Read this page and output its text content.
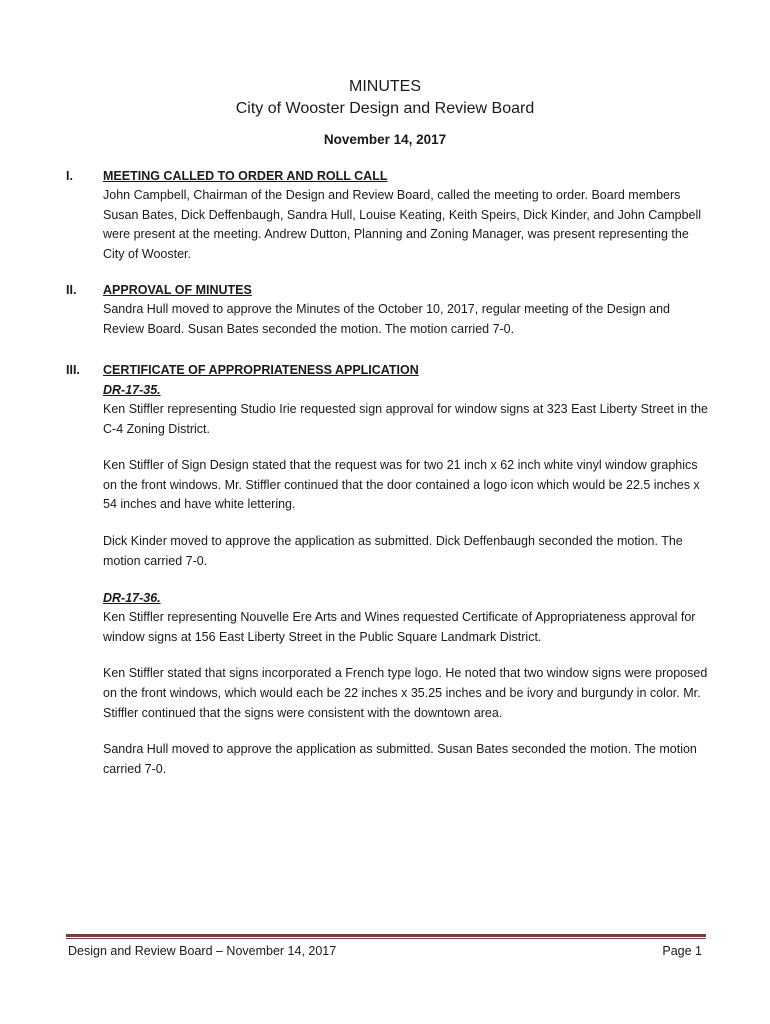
MINUTES
City of Wooster Design and Review Board
November 14, 2017
I. MEETING CALLED TO ORDER AND ROLL CALL

John Campbell, Chairman of the Design and Review Board, called the meeting to order. Board members Susan Bates, Dick Deffenbaugh, Sandra Hull, Louise Keating, Keith Speirs, Dick Kinder, and John Campbell were present at the meeting. Andrew Dutton, Planning and Zoning Manager, was present representing the City of Wooster.

II. APPROVAL OF MINUTES

Sandra Hull moved to approve the Minutes of the October 10, 2017, regular meeting of the Design and Review Board. Susan Bates seconded the motion. The motion carried 7-0.

III. CERTIFICATE OF APPROPRIATENESS APPLICATION

DR-17-35.

Ken Stiffler representing Studio Irie requested sign approval for window signs at 323 East Liberty Street in the C-4 Zoning District.

Ken Stiffler of Sign Design stated that the request was for two 21 inch x 62 inch white vinyl window graphics on the front windows. Mr. Stiffler continued that the door contained a logo icon which would be 22.5 inches x 54 inches and have white lettering.

Dick Kinder moved to approve the application as submitted. Dick Deffenbaugh seconded the motion. The motion carried 7-0.

DR-17-36.

Ken Stiffler representing Nouvelle Ere Arts and Wines requested Certificate of Appropriateness approval for window signs at 156 East Liberty Street in the Public Square Landmark District.

Ken Stiffler stated that signs incorporated a French type logo. He noted that two window signs were proposed on the front windows, which would each be 22 inches x 35.25 inches and be ivory and burgundy in color. Mr. Stiffler continued that the signs were consistent with the downtown area.

Sandra Hull moved to approve the application as submitted. Susan Bates seconded the motion. The motion carried 7-0.

Design and Review Board – November 14, 2017	Page 1
